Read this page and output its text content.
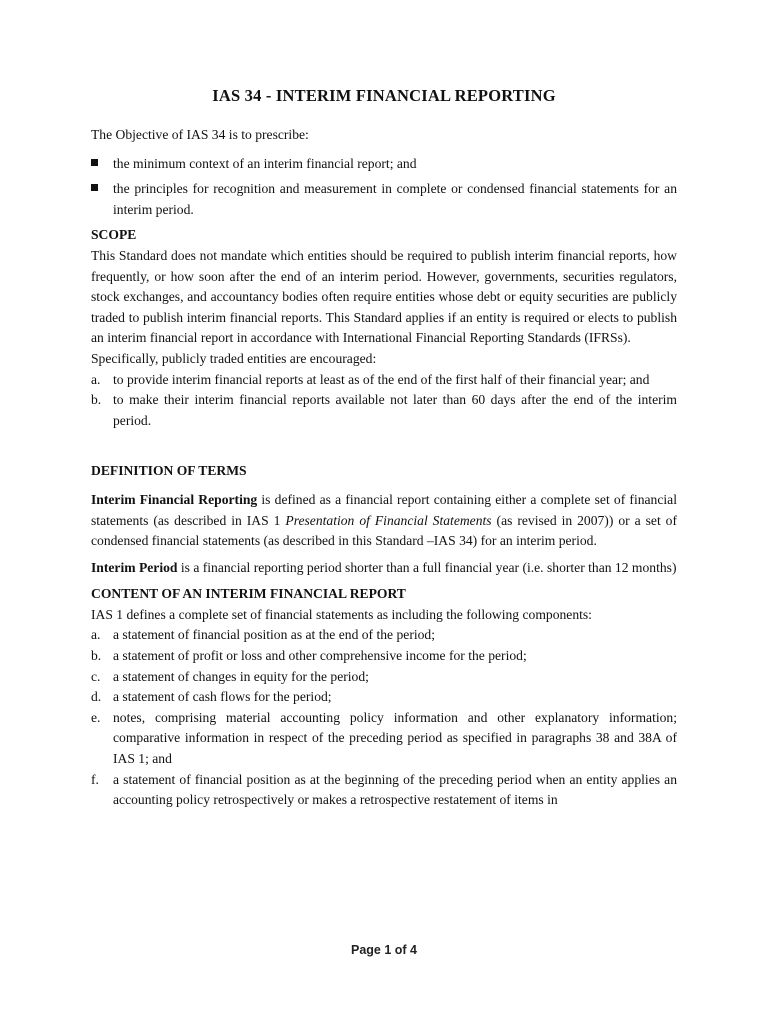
IAS 34 - INTERIM FINANCIAL REPORTING

The Objective of IAS 34 is to prescribe:

the minimum context of an interim financial report; and
the principles for recognition and measurement in complete or condensed financial statements for an interim period.
SCOPE

This Standard does not mandate which entities should be required to publish interim financial reports, how frequently, or how soon after the end of an interim period. However, governments, securities regulators, stock exchanges, and accountancy bodies often require entities whose debt or equity securities are publicly traded to publish interim financial reports. This Standard applies if an entity is required or elects to publish an interim financial report in accordance with International Financial Reporting Standards (IFRSs).

Specifically, publicly traded entities are encouraged:

a. to provide interim financial reports at least as of the end of the first half of their financial year; and
b. to make their interim financial reports available not later than 60 days after the end of the interim period.
DEFINITION OF TERMS

Interim Financial Reporting is defined as a financial report containing either a complete set of financial statements (as described in IAS 1 Presentation of Financial Statements (as revised in 2007)) or a set of condensed financial statements (as described in this Standard –IAS 34) for an interim period.

Interim Period is a financial reporting period shorter than a full financial year (i.e. shorter than 12 months)

CONTENT OF AN INTERIM FINANCIAL REPORT

IAS 1 defines a complete set of financial statements as including the following components:

a. a statement of financial position as at the end of the period;
b. a statement of profit or loss and other comprehensive income for the period;
c. a statement of changes in equity for the period;
d. a statement of cash flows for the period;
e. notes, comprising material accounting policy information and other explanatory information; comparative information in respect of the preceding period as specified in paragraphs 38 and 38A of IAS 1; and
f. a statement of financial position as at the beginning of the preceding period when an entity applies an accounting policy retrospectively or makes a retrospective restatement of items in
Page 1 of 4
